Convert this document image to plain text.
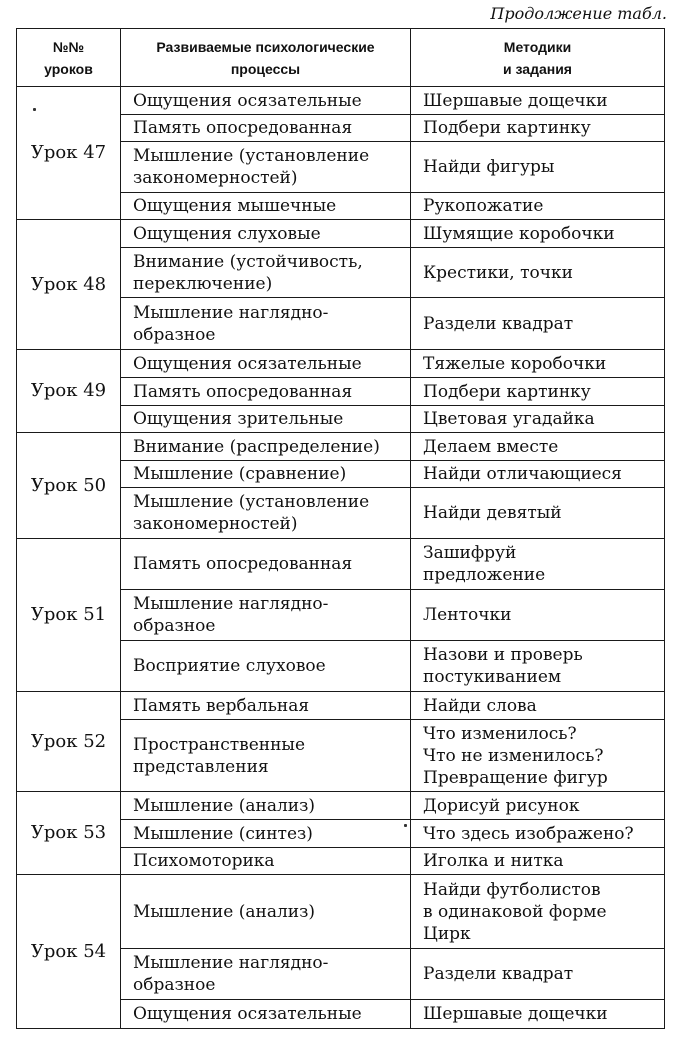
Продолжение табл.
№№
уроков	Развиваемые психологические
процессы	Методики
и задания
Урок 47	Ощущения осязательные	Шершавые дощечки
	Память опосредованная	Подбери картинку
	Мышление (установление
закономерностей)	Найди фигуры
	Ощущения мышечные	Рукопожатие
Урок 48	Ощущения слуховые	Шумящие коробочки
	Внимание (устойчивость,
переключение)	Крестики, точки
	Мышление наглядно-
образное	Раздели квадрат
Урок 49	Ощущения осязательные	Тяжелые коробочки
	Память опосредованная	Подбери картинку
	Ощущения зрительные	Цветовая угадайка
Урок 50	Внимание (распределение)	Делаем вместе
	Мышление (сравнение)	Найди отличающиеся
	Мышление (установление
закономерностей)	Найди девятый
Урок 51	Память опосредованная	Зашифруй
предложение
	Мышление наглядно-
образное	Ленточки
	Восприятие слуховое	Назови и проверь
постукиванием
Урок 52	Память вербальная	Найди слова
	Пространственные
представления	Что изменилось?
Что не изменилось?
Превращение фигур
Урок 53	Мышление (анализ)	Дорисуй рисунок
	Мышление (синтез)	Что здесь изображено?
	Психомоторика	Иголка и нитка
Урок 54	Мышление (анализ)	Найди футболистов
в одинаковой форме
Цирк
	Мышление наглядно-
образное	Раздели квадрат
	Ощущения осязательные	Шершавые дощечки
